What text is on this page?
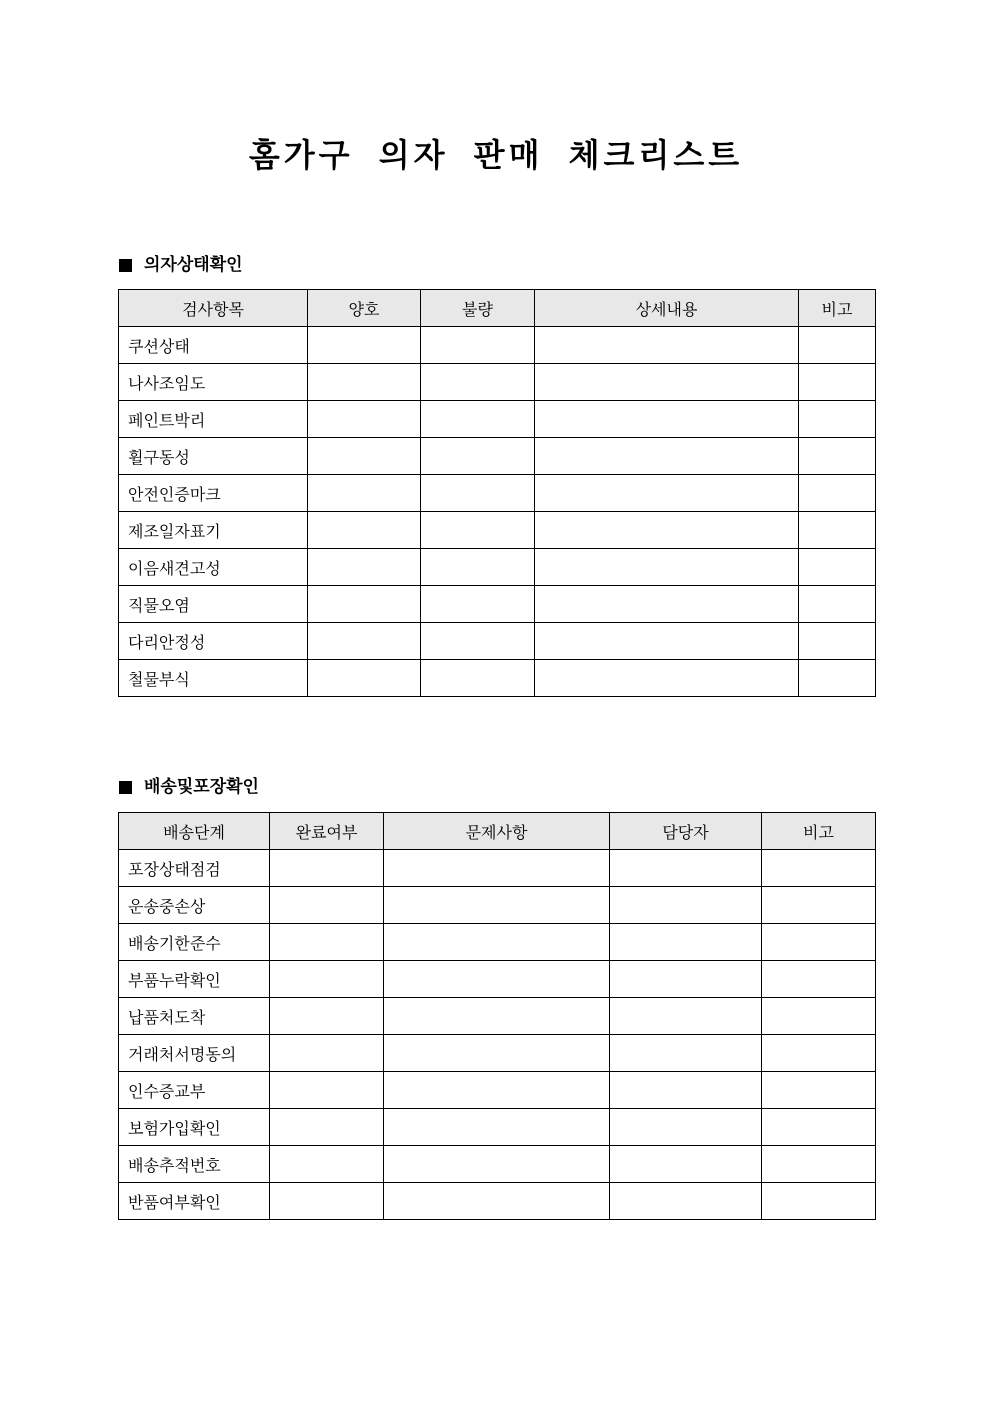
홈가구 의자 판매 체크리스트
의자상태확인
검사항목	양호	불량	상세내용	비고
쿠션상태				
나사조임도				
페인트박리				
휠구동성				
안전인증마크				
제조일자표기				
이음새견고성				
직물오염				
다리안정성				
철물부식				
배송및포장확인
배송단계	완료여부	문제사항	담당자	비고
포장상태점검				
운송중손상				
배송기한준수				
부품누락확인				
납품처도착				
거래처서명동의				
인수증교부				
보험가입확인				
배송추적번호				
반품여부확인				
